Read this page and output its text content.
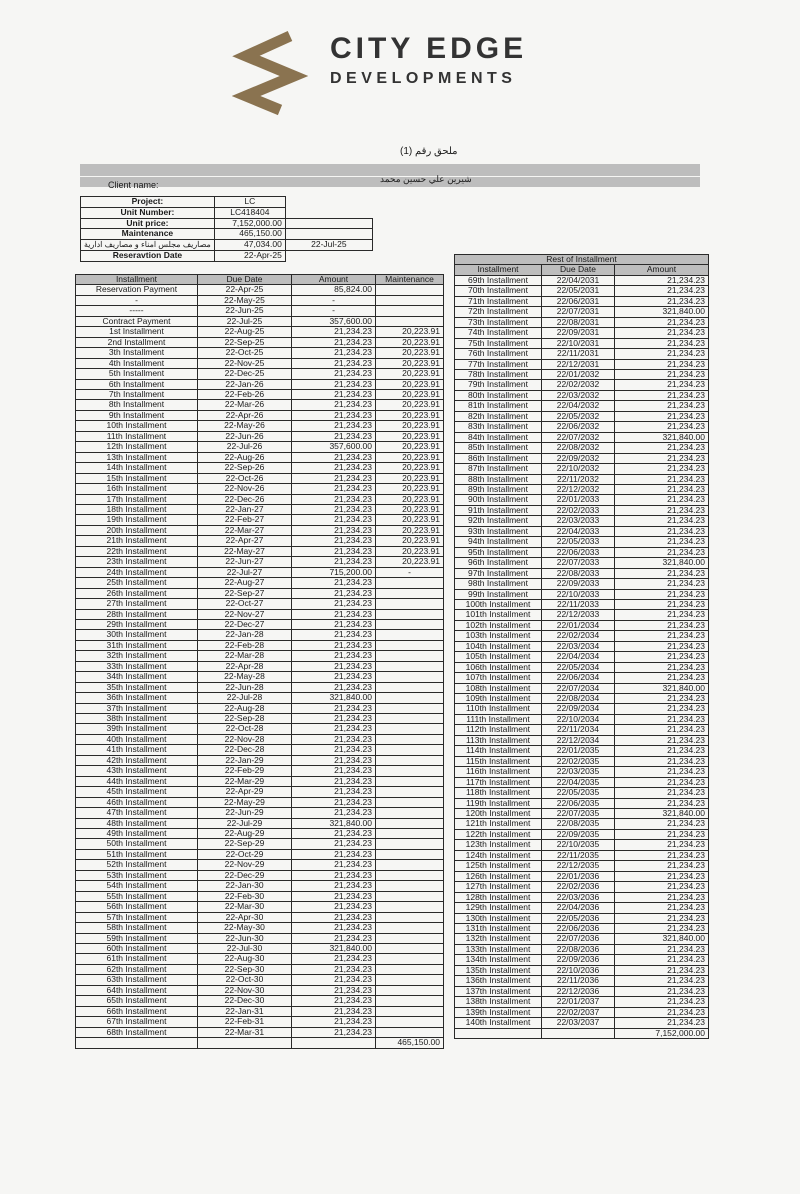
CITY EDGE
DEVELOPMENTS
ملحق رقم (1)
Client name:
شيرين علي حسين محمد
Project:	LC	
Unit Number:	LC418404	
Unit price:	7,152,000.00	
Maintenance	465,150.00	
مصاريف مجلس امناء و مصاريف ادارية	47,034.00	22-Jul-25
Reseravtion Date	22-Apr-25	
Installment	Due Date	Amount	Maintenance
Reservation Payment	22-Apr-25	85,824.00	
-	22-May-25	-	
-----	22-Jun-25	-	
Contract Payment	22-Jul-25	357,600.00	
1st Installment	22-Aug-25	21,234.23	20,223.91
2nd Installment	22-Sep-25	21,234.23	20,223.91
3th Installment	22-Oct-25	21,234.23	20,223.91
4th Installment	22-Nov-25	21,234.23	20,223.91
5th Installment	22-Dec-25	21,234.23	20,223.91
6th Installment	22-Jan-26	21,234.23	20,223.91
7th Installment	22-Feb-26	21,234.23	20,223.91
8th Installment	22-Mar-26	21,234.23	20,223.91
9th Installment	22-Apr-26	21,234.23	20,223.91
10th Installment	22-May-26	21,234.23	20,223.91
11th Installment	22-Jun-26	21,234.23	20,223.91
12th Installment	22-Jul-26	357,600.00	20,223.91
13th Installment	22-Aug-26	21,234.23	20,223.91
14th Installment	22-Sep-26	21,234.23	20,223.91
15th Installment	22-Oct-26	21,234.23	20,223.91
16th Installment	22-Nov-26	21,234.23	20,223.91
17th Installment	22-Dec-26	21,234.23	20,223.91
18th Installment	22-Jan-27	21,234.23	20,223.91
19th Installment	22-Feb-27	21,234.23	20,223.91
20th Installment	22-Mar-27	21,234.23	20,223.91
21th Installment	22-Apr-27	21,234.23	20,223.91
22th Installment	22-May-27	21,234.23	20,223.91
23th Installment	22-Jun-27	21,234.23	20,223.91
24th Installment	22-Jul-27	715,200.00	-
25th Installment	22-Aug-27	21,234.23	
26th Installment	22-Sep-27	21,234.23	
27th Installment	22-Oct-27	21,234.23	
28th Installment	22-Nov-27	21,234.23	
29th Installment	22-Dec-27	21,234.23	
30th Installment	22-Jan-28	21,234.23	
31th Installment	22-Feb-28	21,234.23	
32th Installment	22-Mar-28	21,234.23	
33th Installment	22-Apr-28	21,234.23	
34th Installment	22-May-28	21,234.23	
35th Installment	22-Jun-28	21,234.23	
36th Installment	22-Jul-28	321,840.00	
37th Installment	22-Aug-28	21,234.23	
38th Installment	22-Sep-28	21,234.23	
39th Installment	22-Oct-28	21,234.23	
40th Installment	22-Nov-28	21,234.23	
41th Installment	22-Dec-28	21,234.23	
42th Installment	22-Jan-29	21,234.23	
43th Installment	22-Feb-29	21,234.23	
44th Installment	22-Mar-29	21,234.23	
45th Installment	22-Apr-29	21,234.23	
46th Installment	22-May-29	21,234.23	
47th Installment	22-Jun-29	21,234.23	
48th Installment	22-Jul-29	321,840.00	
49th Installment	22-Aug-29	21,234.23	
50th Installment	22-Sep-29	21,234.23	
51th Installment	22-Oct-29	21,234.23	
52th Installment	22-Nov-29	21,234.23	
53th Installment	22-Dec-29	21,234.23	
54th Installment	22-Jan-30	21,234.23	
55th Installment	22-Feb-30	21,234.23	
56th Installment	22-Mar-30	21,234.23	
57th Installment	22-Apr-30	21,234.23	
58th Installment	22-May-30	21,234.23	
59th Installment	22-Jun-30	21,234.23	
60th Installment	22-Jul-30	321,840.00	
61th Installment	22-Aug-30	21,234.23	
62th Installment	22-Sep-30	21,234.23	
63th Installment	22-Oct-30	21,234.23	
64th Installment	22-Nov-30	21,234.23	
65th Installment	22-Dec-30	21,234.23	
66th Installment	22-Jan-31	21,234.23	
67th Installment	22-Feb-31	21,234.23	
68th Installment	22-Mar-31	21,234.23	
			465,150.00
Rest of Installment		
Installment	Due Date	Amount
69th Installment	22/04/2031	21,234.23
70th Installment	22/05/2031	21,234.23
71th Installment	22/06/2031	21,234.23
72th Installment	22/07/2031	321,840.00
73th Installment	22/08/2031	21,234.23
74th Installment	22/09/2031	21,234.23
75th Installment	22/10/2031	21,234.23
76th Installment	22/11/2031	21,234.23
77th Installment	22/12/2031	21,234.23
78th Installment	22/01/2032	21,234.23
79th Installment	22/02/2032	21,234.23
80th Installment	22/03/2032	21,234.23
81th Installment	22/04/2032	21,234.23
82th Installment	22/05/2032	21,234.23
83th Installment	22/06/2032	21,234.23
84th Installment	22/07/2032	321,840.00
85th Installment	22/08/2032	21,234.23
86th Installment	22/09/2032	21,234.23
87th Installment	22/10/2032	21,234.23
88th Installment	22/11/2032	21,234.23
89th Installment	22/12/2032	21,234.23
90th Installment	22/01/2033	21,234.23
91th Installment	22/02/2033	21,234.23
92th Installment	22/03/2033	21,234.23
93th Installment	22/04/2033	21,234.23
94th Installment	22/05/2033	21,234.23
95th Installment	22/06/2033	21,234.23
96th Installment	22/07/2033	321,840.00
97th Installment	22/08/2033	21,234.23
98th Installment	22/09/2033	21,234.23
99th Installment	22/10/2033	21,234.23
100th Installment	22/11/2033	21,234.23
101th Installment	22/12/2033	21,234.23
102th Installment	22/01/2034	21,234.23
103th Installment	22/02/2034	21,234.23
104th Installment	22/03/2034	21,234.23
105th Installment	22/04/2034	21,234.23
106th Installment	22/05/2034	21,234.23
107th Installment	22/06/2034	21,234.23
108th Installment	22/07/2034	321,840.00
109th Installment	22/08/2034	21,234.23
110th Installment	22/09/2034	21,234.23
111th Installment	22/10/2034	21,234.23
112th Installment	22/11/2034	21,234.23
113th Installment	22/12/2034	21,234.23
114th Installment	22/01/2035	21,234.23
115th Installment	22/02/2035	21,234.23
116th Installment	22/03/2035	21,234.23
117th Installment	22/04/2035	21,234.23
118th Installment	22/05/2035	21,234.23
119th Installment	22/06/2035	21,234.23
120th Installment	22/07/2035	321,840.00
121th Installment	22/08/2035	21,234.23
122th Installment	22/09/2035	21,234.23
123th Installment	22/10/2035	21,234.23
124th Installment	22/11/2035	21,234.23
125th Installment	22/12/2035	21,234.23
126th Installment	22/01/2036	21,234.23
127th Installment	22/02/2036	21,234.23
128th Installment	22/03/2036	21,234.23
129th Installment	22/04/2036	21,234.23
130th Installment	22/05/2036	21,234.23
131th Installment	22/06/2036	21,234.23
132th Installment	22/07/2036	321,840.00
133th Installment	22/08/2036	21,234.23
134th Installment	22/09/2036	21,234.23
135th Installment	22/10/2036	21,234.23
136th Installment	22/11/2036	21,234.23
137th Installment	22/12/2036	21,234.23
138th Installment	22/01/2037	21,234.23
139th Installment	22/02/2037	21,234.23
140th Installment	22/03/2037	21,234.23
		7,152,000.00
